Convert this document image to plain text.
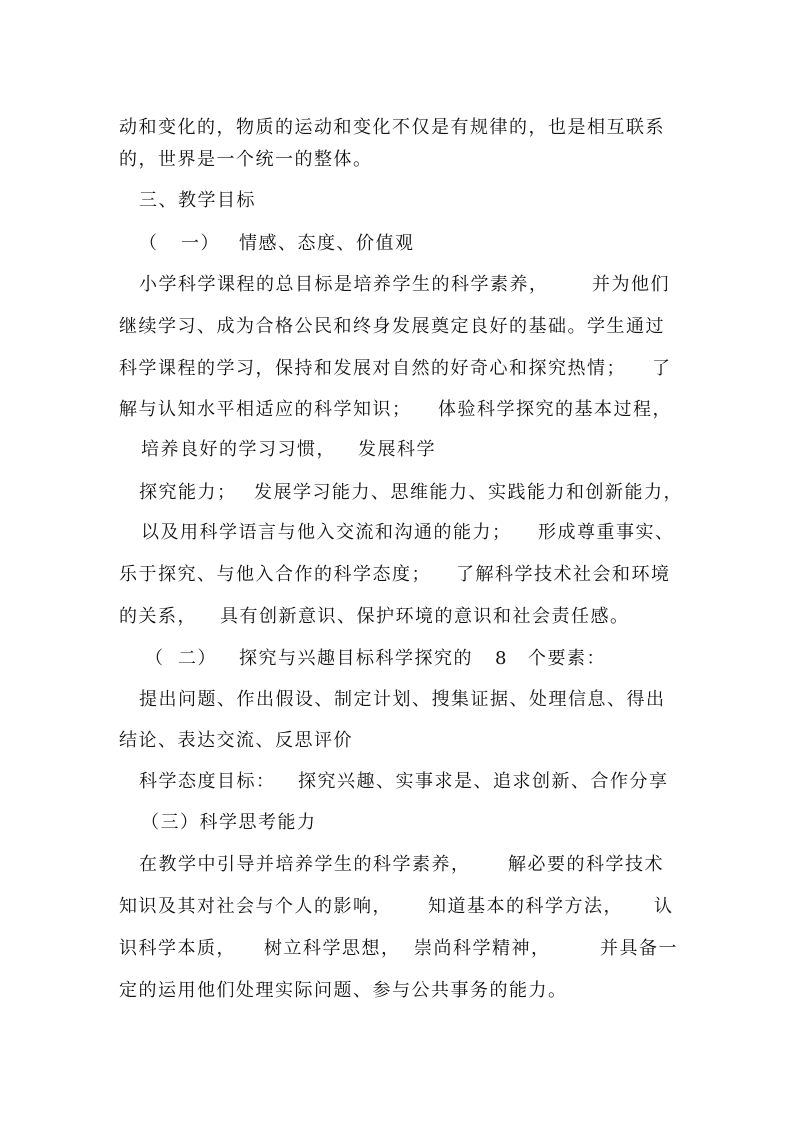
动和变化的，物质的运动和变化不仅是有规律的，也是相互联系

的，世界是一个统一的整体。

三、教学目标

（

一）

情感、态度、价值观

小学科学课程的总目标是培养学生的科学素养，

并为他们

继续学习、成为合格公民和终身发展奠定良好的基础。学生通过

科学课程的学习，保持和发展对自然的好奇心和探究热情；

了

解与认知水平相适应的科学知识；

体验科学探究的基本过程，

培养良好的学习习惯，

发展科学

探究能力；

发展学习能力、思维能力、实践能力和创新能力，

以及用科学语言与他入交流和沟通的能力；

形成尊重事实、

乐于探究、与他入合作的科学态度；

了解科学技术社会和环境

的关系，

具有创新意识、保护环境的意识和社会责任感。

（

二）

探究与兴趣目标科学探究的

8

个要素：

提出问题、作出假设、制定计划、搜集证据、处理信息、得出

结论、表达交流、反思评价

科学态度目标：

探究兴趣、实事求是、追求创新、合作分享

（三）科学思考能力

在教学中引导并培养学生的科学素养，

解必要的科学技术

知识及其对社会与个人的影响，

知道基本的科学方法，

认

识科学本质，

树立科学思想，

崇尚科学精神，

	并具备一

定的运用他们处理实际问题、参与公共事务的能力。
